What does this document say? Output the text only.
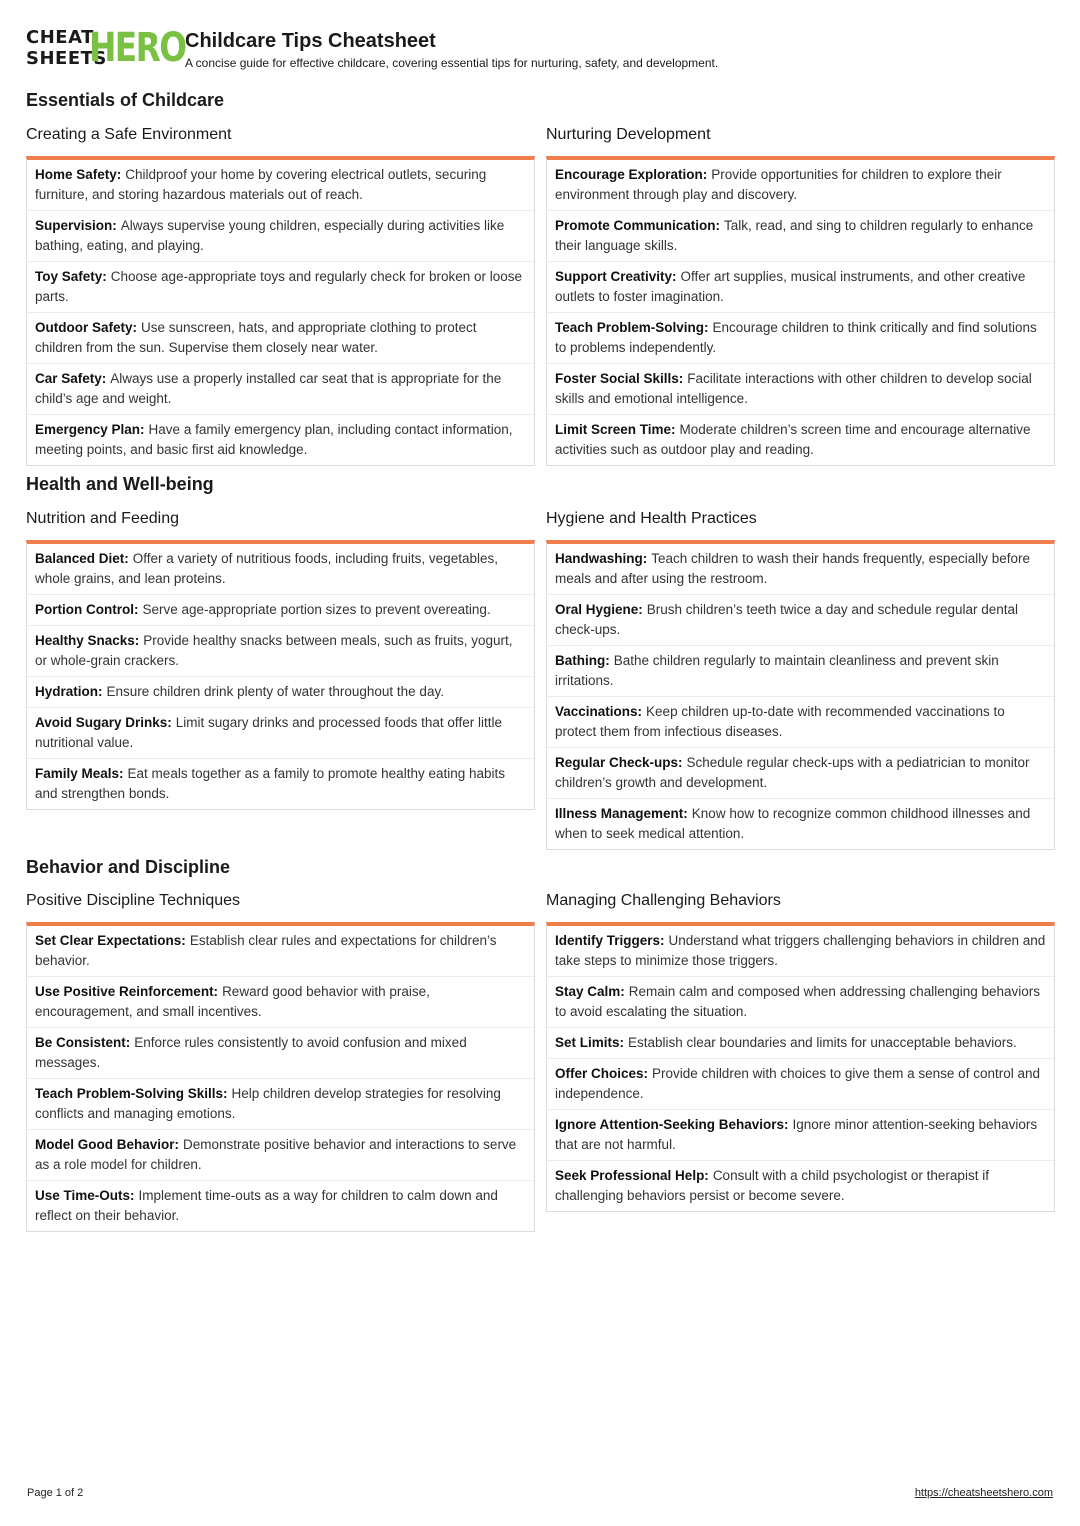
CHEAT
SHEETS
HERO Childcare Tips Cheatsheet
A concise guide for effective childcare, covering essential tips for nurturing, safety, and development.
Essentials of Childcare
Creating a Safe Environment
Home Safety: Childproof your home by covering electrical outlets, securing furniture, and storing hazardous materials out of reach.
Supervision: Always supervise young children, especially during activities like bathing, eating, and playing.
Toy Safety: Choose age-appropriate toys and regularly check for broken or loose parts.
Outdoor Safety: Use sunscreen, hats, and appropriate clothing to protect children from the sun. Supervise them closely near water.
Car Safety: Always use a properly installed car seat that is appropriate for the child’s age and weight.
Emergency Plan: Have a family emergency plan, including contact information, meeting points, and basic first aid knowledge.
Nurturing Development
Encourage Exploration: Provide opportunities for children to explore their environment through play and discovery.
Promote Communication: Talk, read, and sing to children regularly to enhance their language skills.
Support Creativity: Offer art supplies, musical instruments, and other creative outlets to foster imagination.
Teach Problem-Solving: Encourage children to think critically and find solutions to problems independently.
Foster Social Skills: Facilitate interactions with other children to develop social skills and emotional intelligence.
Limit Screen Time: Moderate children’s screen time and encourage alternative activities such as outdoor play and reading.
Health and Well-being
Nutrition and Feeding
Balanced Diet: Offer a variety of nutritious foods, including fruits, vegetables, whole grains, and lean proteins.
Portion Control: Serve age-appropriate portion sizes to prevent overeating.
Healthy Snacks: Provide healthy snacks between meals, such as fruits, yogurt, or whole-grain crackers.
Hydration: Ensure children drink plenty of water throughout the day.
Avoid Sugary Drinks: Limit sugary drinks and processed foods that offer little nutritional value.
Family Meals: Eat meals together as a family to promote healthy eating habits and strengthen bonds.
Hygiene and Health Practices
Handwashing: Teach children to wash their hands frequently, especially before meals and after using the restroom.
Oral Hygiene: Brush children’s teeth twice a day and schedule regular dental check-ups.
Bathing: Bathe children regularly to maintain cleanliness and prevent skin irritations.
Vaccinations: Keep children up-to-date with recommended vaccinations to protect them from infectious diseases.
Regular Check-ups: Schedule regular check-ups with a pediatrician to monitor children’s growth and development.
Illness Management: Know how to recognize common childhood illnesses and when to seek medical attention.
Behavior and Discipline
Positive Discipline Techniques
Set Clear Expectations: Establish clear rules and expectations for children’s behavior.
Use Positive Reinforcement: Reward good behavior with praise, encouragement, and small incentives.
Be Consistent: Enforce rules consistently to avoid confusion and mixed messages.
Teach Problem-Solving Skills: Help children develop strategies for resolving conflicts and managing emotions.
Model Good Behavior: Demonstrate positive behavior and interactions to serve as a role model for children.
Use Time-Outs: Implement time-outs as a way for children to calm down and reflect on their behavior.
Managing Challenging Behaviors
Identify Triggers: Understand what triggers challenging behaviors in children and take steps to minimize those triggers.
Stay Calm: Remain calm and composed when addressing challenging behaviors to avoid escalating the situation.
Set Limits: Establish clear boundaries and limits for unacceptable behaviors.
Offer Choices: Provide children with choices to give them a sense of control and independence.
Ignore Attention-Seeking Behaviors: Ignore minor attention-seeking behaviors that are not harmful.
Seek Professional Help: Consult with a child psychologist or therapist if challenging behaviors persist or become severe.
Page 1 of 2	https://cheatsheetshero.com
